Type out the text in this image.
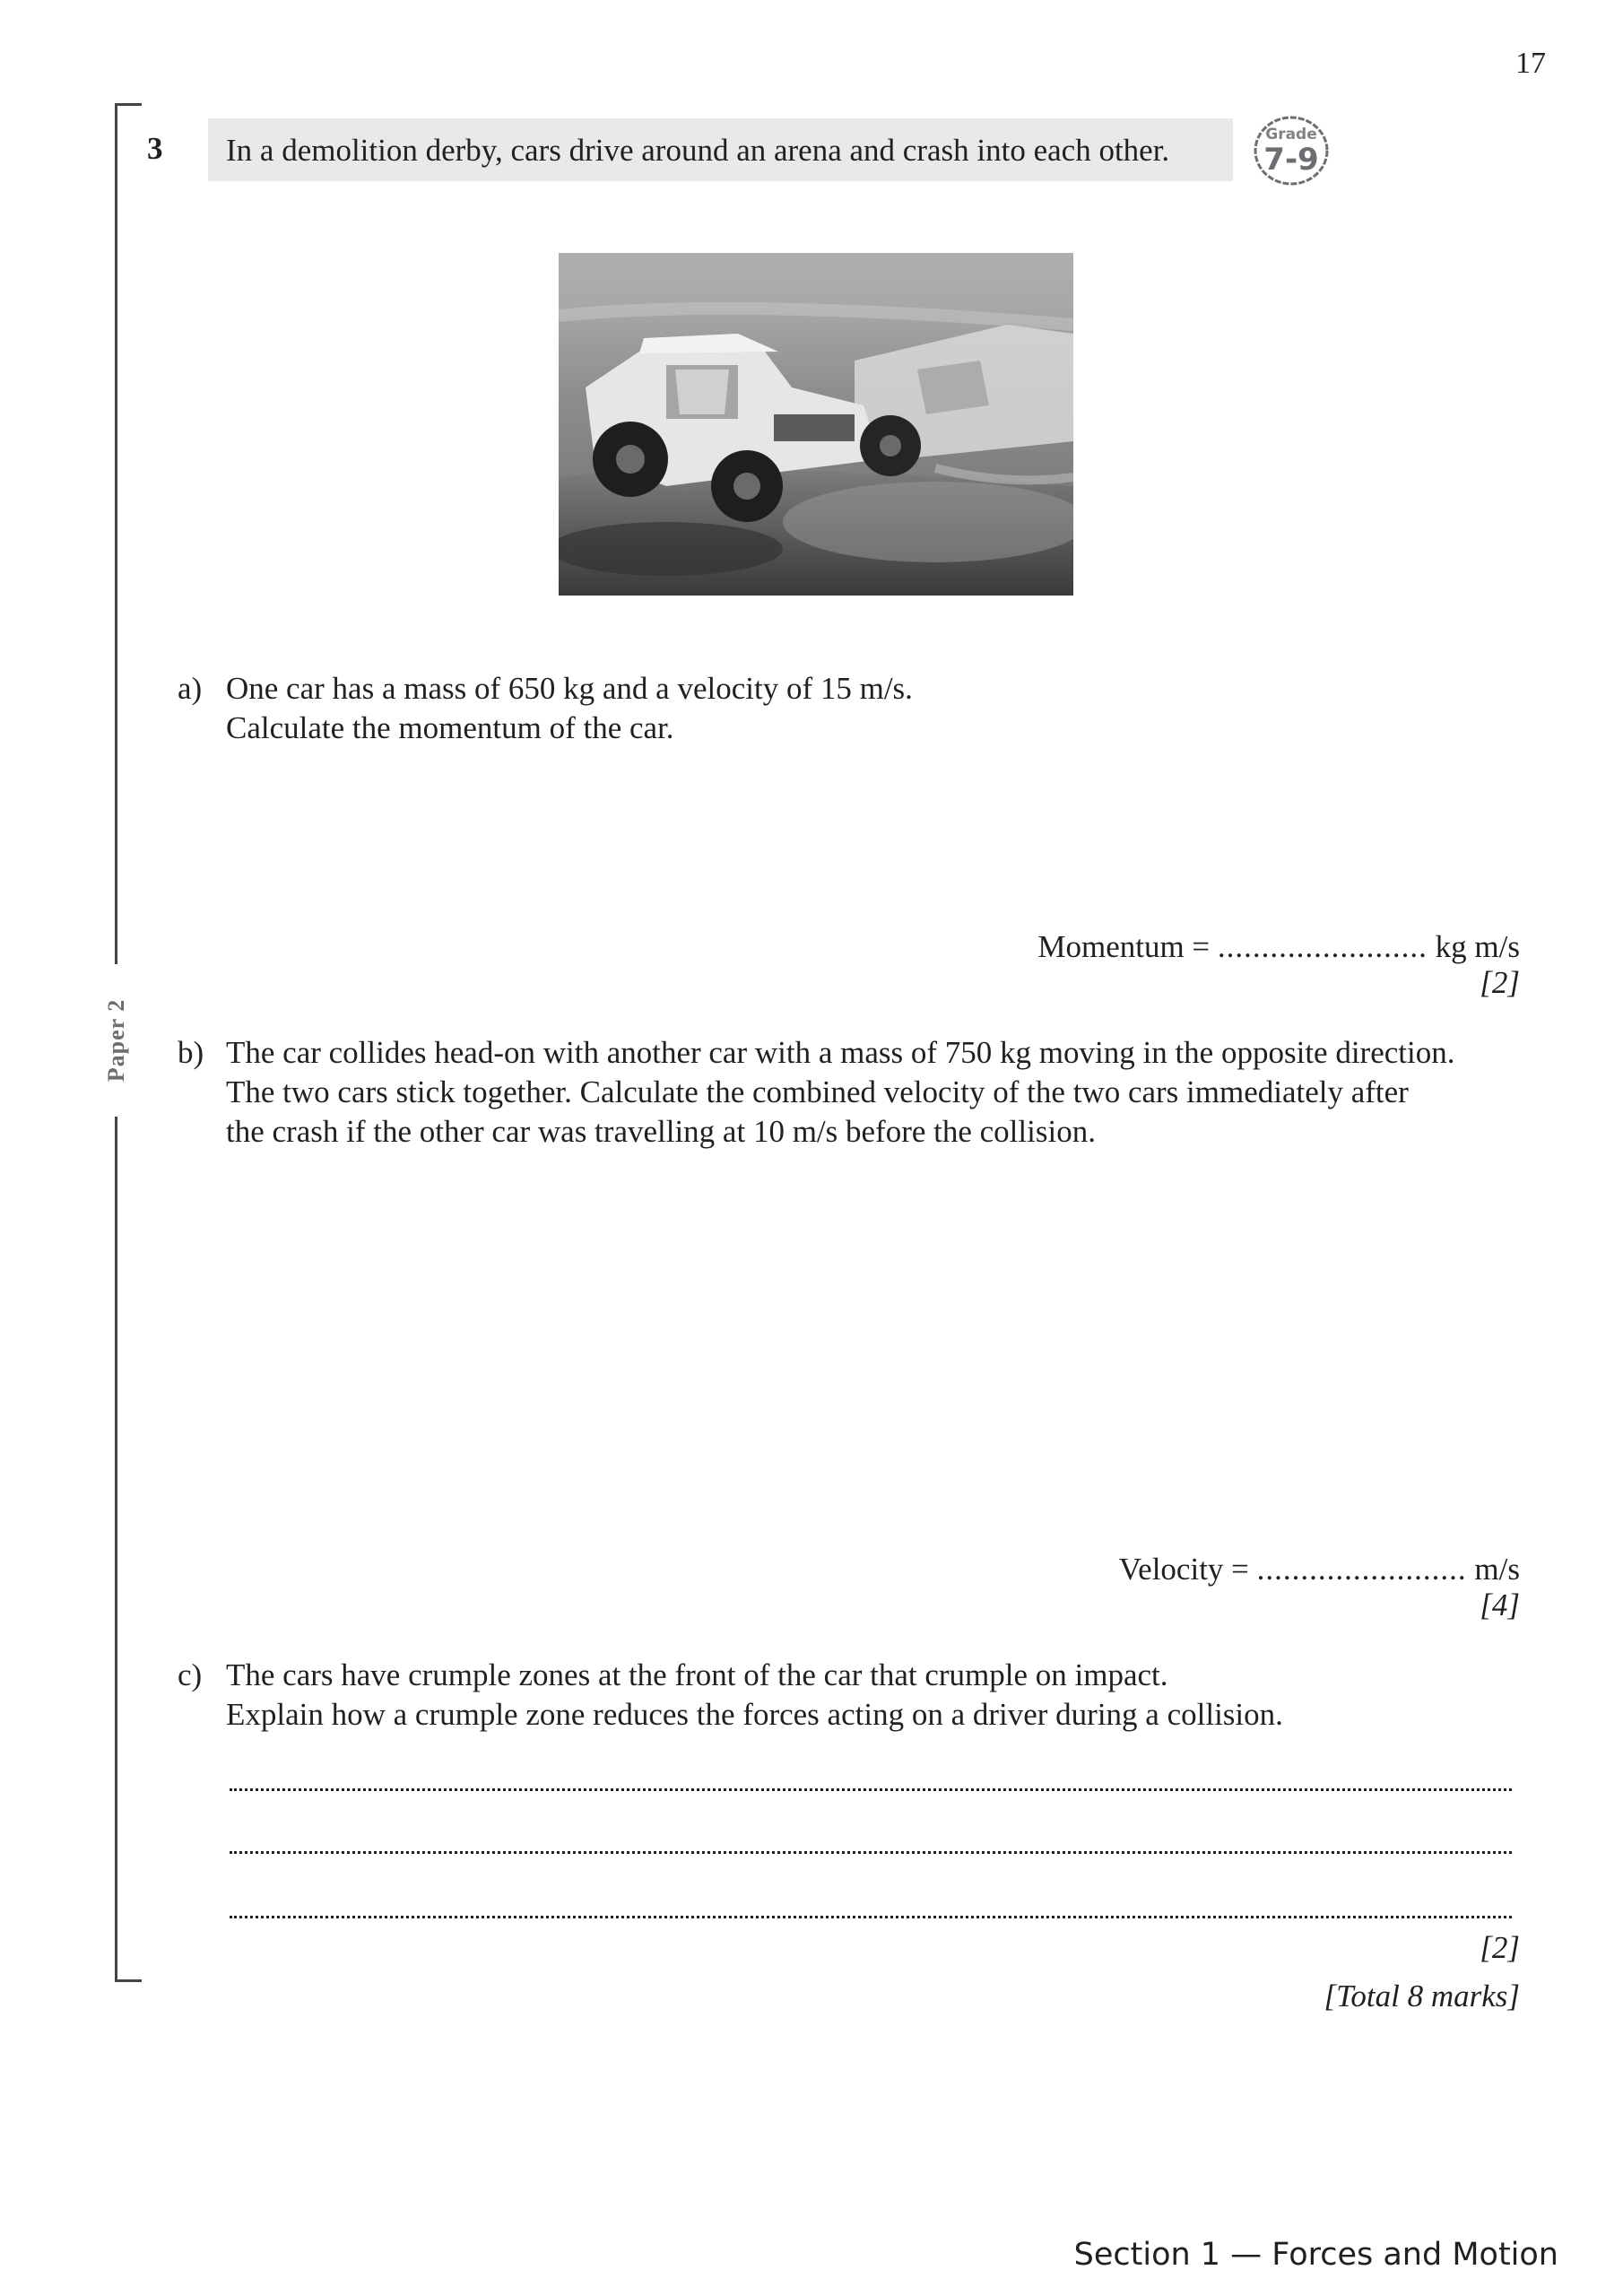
17
Paper 2
3 In a demolition derby, cars drive around an arena and crash into each other.	Grade
7-9
a) One car has a mass of 650 kg and a velocity of 15 m/s.
Calculate the momentum of the car.
Momentum = ........................ kg m/s
[2]
b) The car collides head-on with another car with a mass of 750 kg moving in the opposite direction.
The two cars stick together. Calculate the combined velocity of the two cars immediately after
the crash if the other car was travelling at 10 m/s before the collision.
Velocity = ........................ m/s
[4]
c) The cars have crumple zones at the front of the car that crumple on impact.
Explain how a crumple zone reduces the forces acting on a driver during a collision.
[2]
[Total 8 marks]
Section 1 — Forces and Motion
